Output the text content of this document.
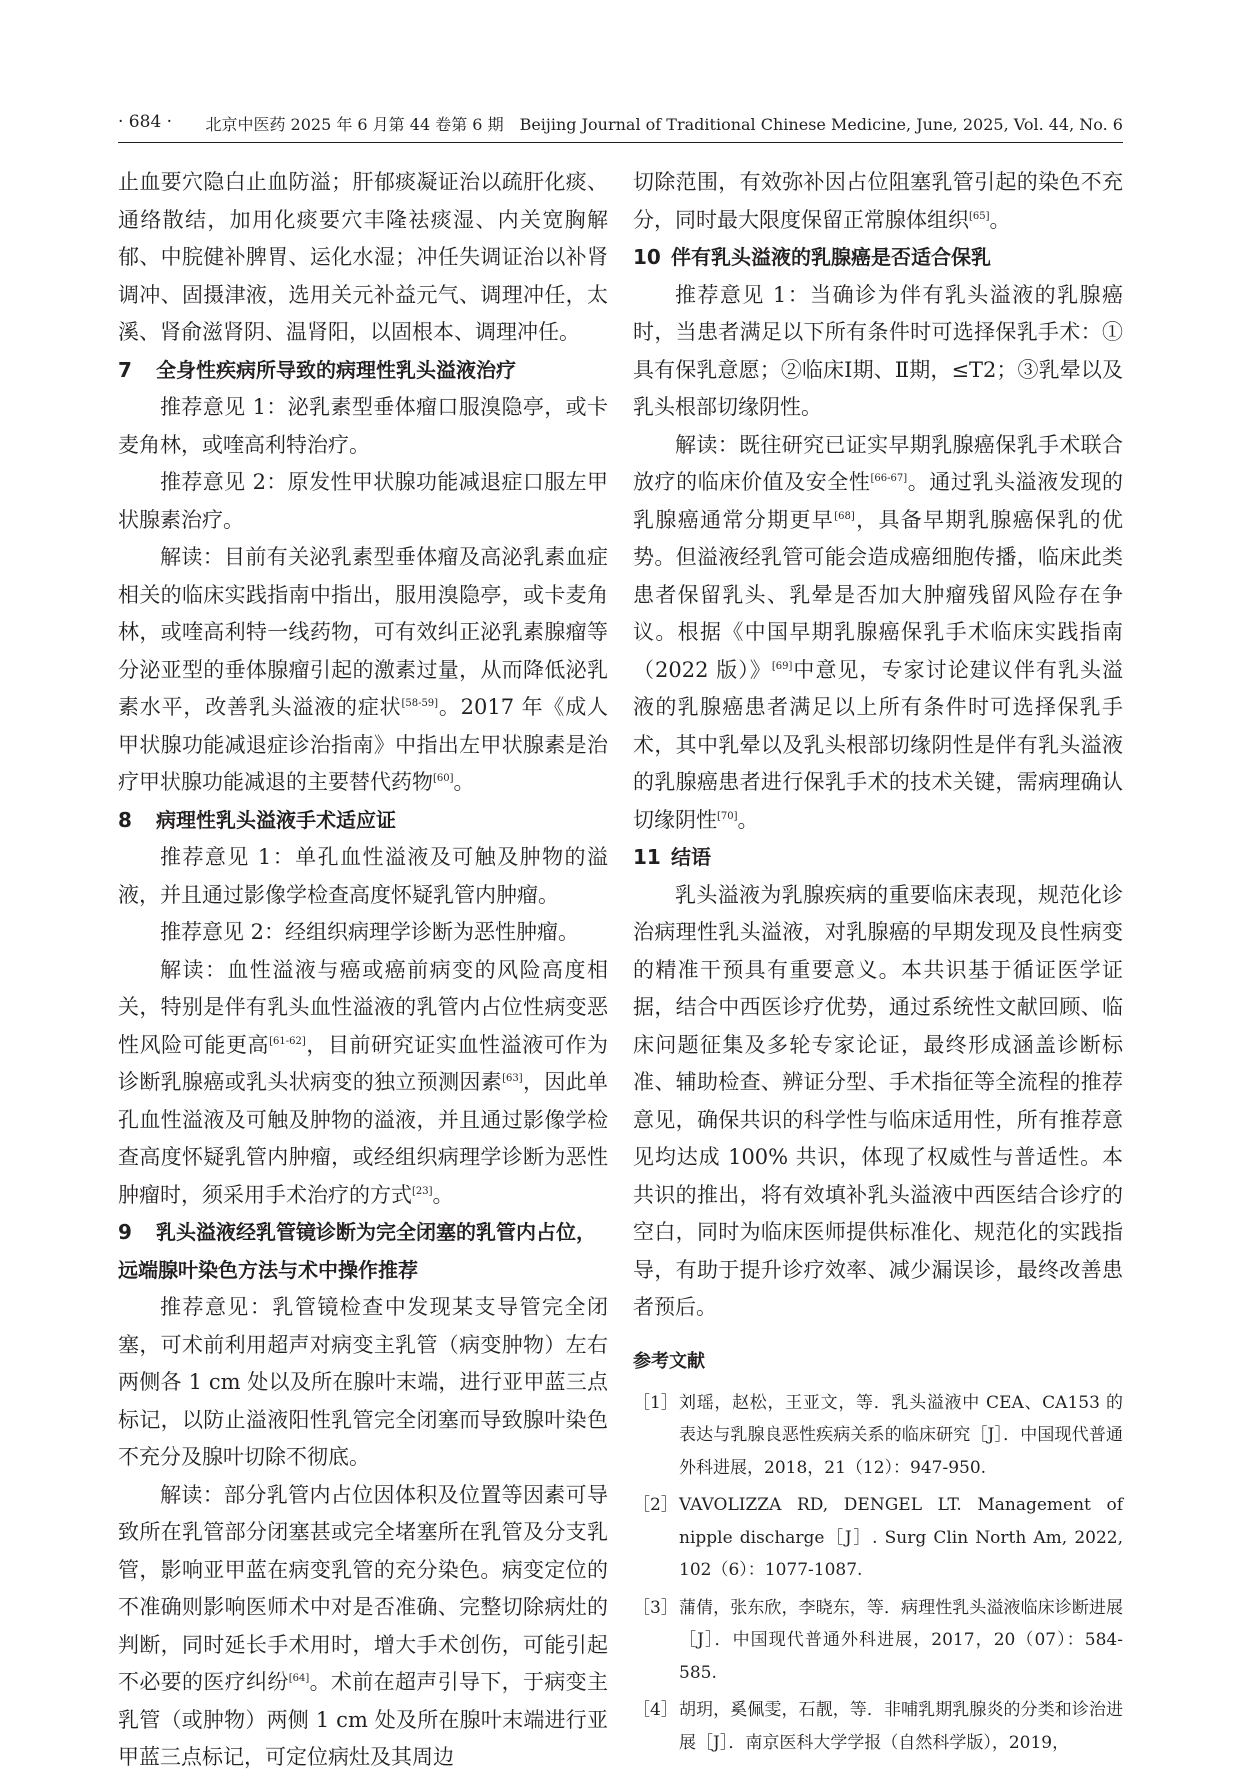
· 684 · 北京中医药 2025 年 6 月第 44 卷第 6 期　Beijing Journal of Traditional Chinese Medicine, June, 2025, Vol. 44, No. 6

止血要穴隐白止血防溢；肝郁痰凝证治以疏肝化痰、通络散结，加用化痰要穴丰隆祛痰湿、内关宽胸解郁、中脘健补脾胃、运化水湿；冲任失调证治以补肾调冲、固摄津液，选用关元补益元气、调理冲任，太溪、肾俞滋肾阴、温肾阳，以固根本、调理冲任。

7 全身性疾病所导致的病理性乳头溢液治疗

推荐意见 1：泌乳素型垂体瘤口服溴隐亭，或卡麦角林，或喹高利特治疗。

推荐意见 2：原发性甲状腺功能减退症口服左甲状腺素治疗。

解读：目前有关泌乳素型垂体瘤及高泌乳素血症相关的临床实践指南中指出，服用溴隐亭，或卡麦角林，或喹高利特一线药物，可有效纠正泌乳素腺瘤等分泌亚型的垂体腺瘤引起的激素过量，从而降低泌乳素水平，改善乳头溢液的症状[58-59]。2017 年《成人甲状腺功能减退症诊治指南》中指出左甲状腺素是治疗甲状腺功能减退的主要替代药物[60]。

8 病理性乳头溢液手术适应证

推荐意见 1：单孔血性溢液及可触及肿物的溢液，并且通过影像学检查高度怀疑乳管内肿瘤。

推荐意见 2：经组织病理学诊断为恶性肿瘤。

解读：血性溢液与癌或癌前病变的风险高度相关，特别是伴有乳头血性溢液的乳管内占位性病变恶性风险可能更高[61-62]，目前研究证实血性溢液可作为诊断乳腺癌或乳头状病变的独立预测因素[63]，因此单孔血性溢液及可触及肿物的溢液，并且通过影像学检查高度怀疑乳管内肿瘤，或经组织病理学诊断为恶性肿瘤时，须采用手术治疗的方式[23]。

9 乳头溢液经乳管镜诊断为完全闭塞的乳管内占位，远端腺叶染色方法与术中操作推荐

推荐意见：乳管镜检查中发现某支导管完全闭塞，可术前利用超声对病变主乳管（病变肿物）左右两侧各 1 cm 处以及所在腺叶末端，进行亚甲蓝三点标记，以防止溢液阳性乳管完全闭塞而导致腺叶染色不充分及腺叶切除不彻底。

解读：部分乳管内占位因体积及位置等因素可导致所在乳管部分闭塞甚或完全堵塞所在乳管及分支乳管，影响亚甲蓝在病变乳管的充分染色。病变定位的不准确则影响医师术中对是否准确、完整切除病灶的判断，同时延长手术用时，增大手术创伤，可能引起不必要的医疗纠纷[64]。术前在超声引导下，于病变主乳管（或肿物）两侧 1 cm 处及所在腺叶末端进行亚甲蓝三点标记，可定位病灶及其周边

切除范围，有效弥补因占位阻塞乳管引起的染色不充分，同时最大限度保留正常腺体组织[65]。

10 伴有乳头溢液的乳腺癌是否适合保乳

推荐意见 1：当确诊为伴有乳头溢液的乳腺癌时，当患者满足以下所有条件时可选择保乳手术：①具有保乳意愿；②临床Ⅰ期、Ⅱ期，≤T2；③乳晕以及乳头根部切缘阴性。

解读：既往研究已证实早期乳腺癌保乳手术联合放疗的临床价值及安全性[66-67]。通过乳头溢液发现的乳腺癌通常分期更早[68]，具备早期乳腺癌保乳的优势。但溢液经乳管可能会造成癌细胞传播，临床此类患者保留乳头、乳晕是否加大肿瘤残留风险存在争议。根据《中国早期乳腺癌保乳手术临床实践指南（2022 版）》[69]中意见，专家讨论建议伴有乳头溢液的乳腺癌患者满足以上所有条件时可选择保乳手术，其中乳晕以及乳头根部切缘阴性是伴有乳头溢液的乳腺癌患者进行保乳手术的技术关键，需病理确认切缘阴性[70]。

11 结语

乳头溢液为乳腺疾病的重要临床表现，规范化诊治病理性乳头溢液，对乳腺癌的早期发现及良性病变的精准干预具有重要意义。本共识基于循证医学证据，结合中西医诊疗优势，通过系统性文献回顾、临床问题征集及多轮专家论证，最终形成涵盖诊断标准、辅助检查、辨证分型、手术指征等全流程的推荐意见，确保共识的科学性与临床适用性，所有推荐意见均达成 100% 共识，体现了权威性与普适性。本共识的推出，将有效填补乳头溢液中西医结合诊疗的空白，同时为临床医师提供标准化、规范化的实践指导，有助于提升诊疗效率、减少漏误诊，最终改善患者预后。

参考文献

［1］ 刘瑶，赵松，王亚文，等．乳头溢液中 CEA、CA153 的表达与乳腺良恶性疾病关系的临床研究［J］．中国现代普通外科进展，2018，21（12）：947-950.

［2］ VAVOLIZZA RD, DENGEL LT. Management of nipple discharge［J］. Surg Clin North Am, 2022, 102（6）：1077-1087.

［3］ 蒲倩，张东欣，李晓东，等．病理性乳头溢液临床诊断进展［J］．中国现代普通外科进展，2017，20（07）：584-585.

［4］ 胡玥，奚佩雯，石靓，等．非哺乳期乳腺炎的分类和诊治进展［J］．南京医科大学学报（自然科学版），2019，
